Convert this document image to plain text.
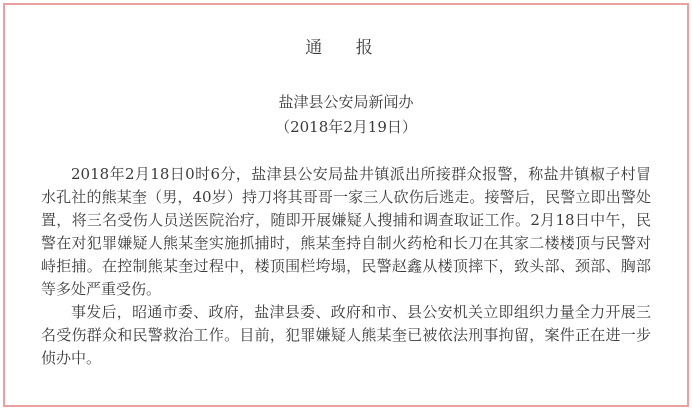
通 报
盐津县公安局新闻办
（2018年2月19日）

2018年2月18日0时6分，盐津县公安局盐井镇派出所接群众报警，称盐井镇椒子村冒水孔社的熊某奎（男，40岁）持刀将其哥哥一家三人砍伤后逃走。接警后，民警立即出警处置，将三名受伤人员送医院治疗，随即开展嫌疑人搜捕和调查取证工作。2月18日中午，民警在对犯罪嫌疑人熊某奎实施抓捕时，熊某奎持自制火药枪和长刀在其家二楼楼顶与民警对峙拒捕。在控制熊某奎过程中，楼顶围栏垮塌，民警赵鑫从楼顶摔下，致头部、颈部、胸部等多处严重受伤。

事发后，昭通市委、政府，盐津县委、政府和市、县公安机关立即组织力量全力开展三名受伤群众和民警救治工作。目前，犯罪嫌疑人熊某奎已被依法刑事拘留，案件正在进一步侦办中。
